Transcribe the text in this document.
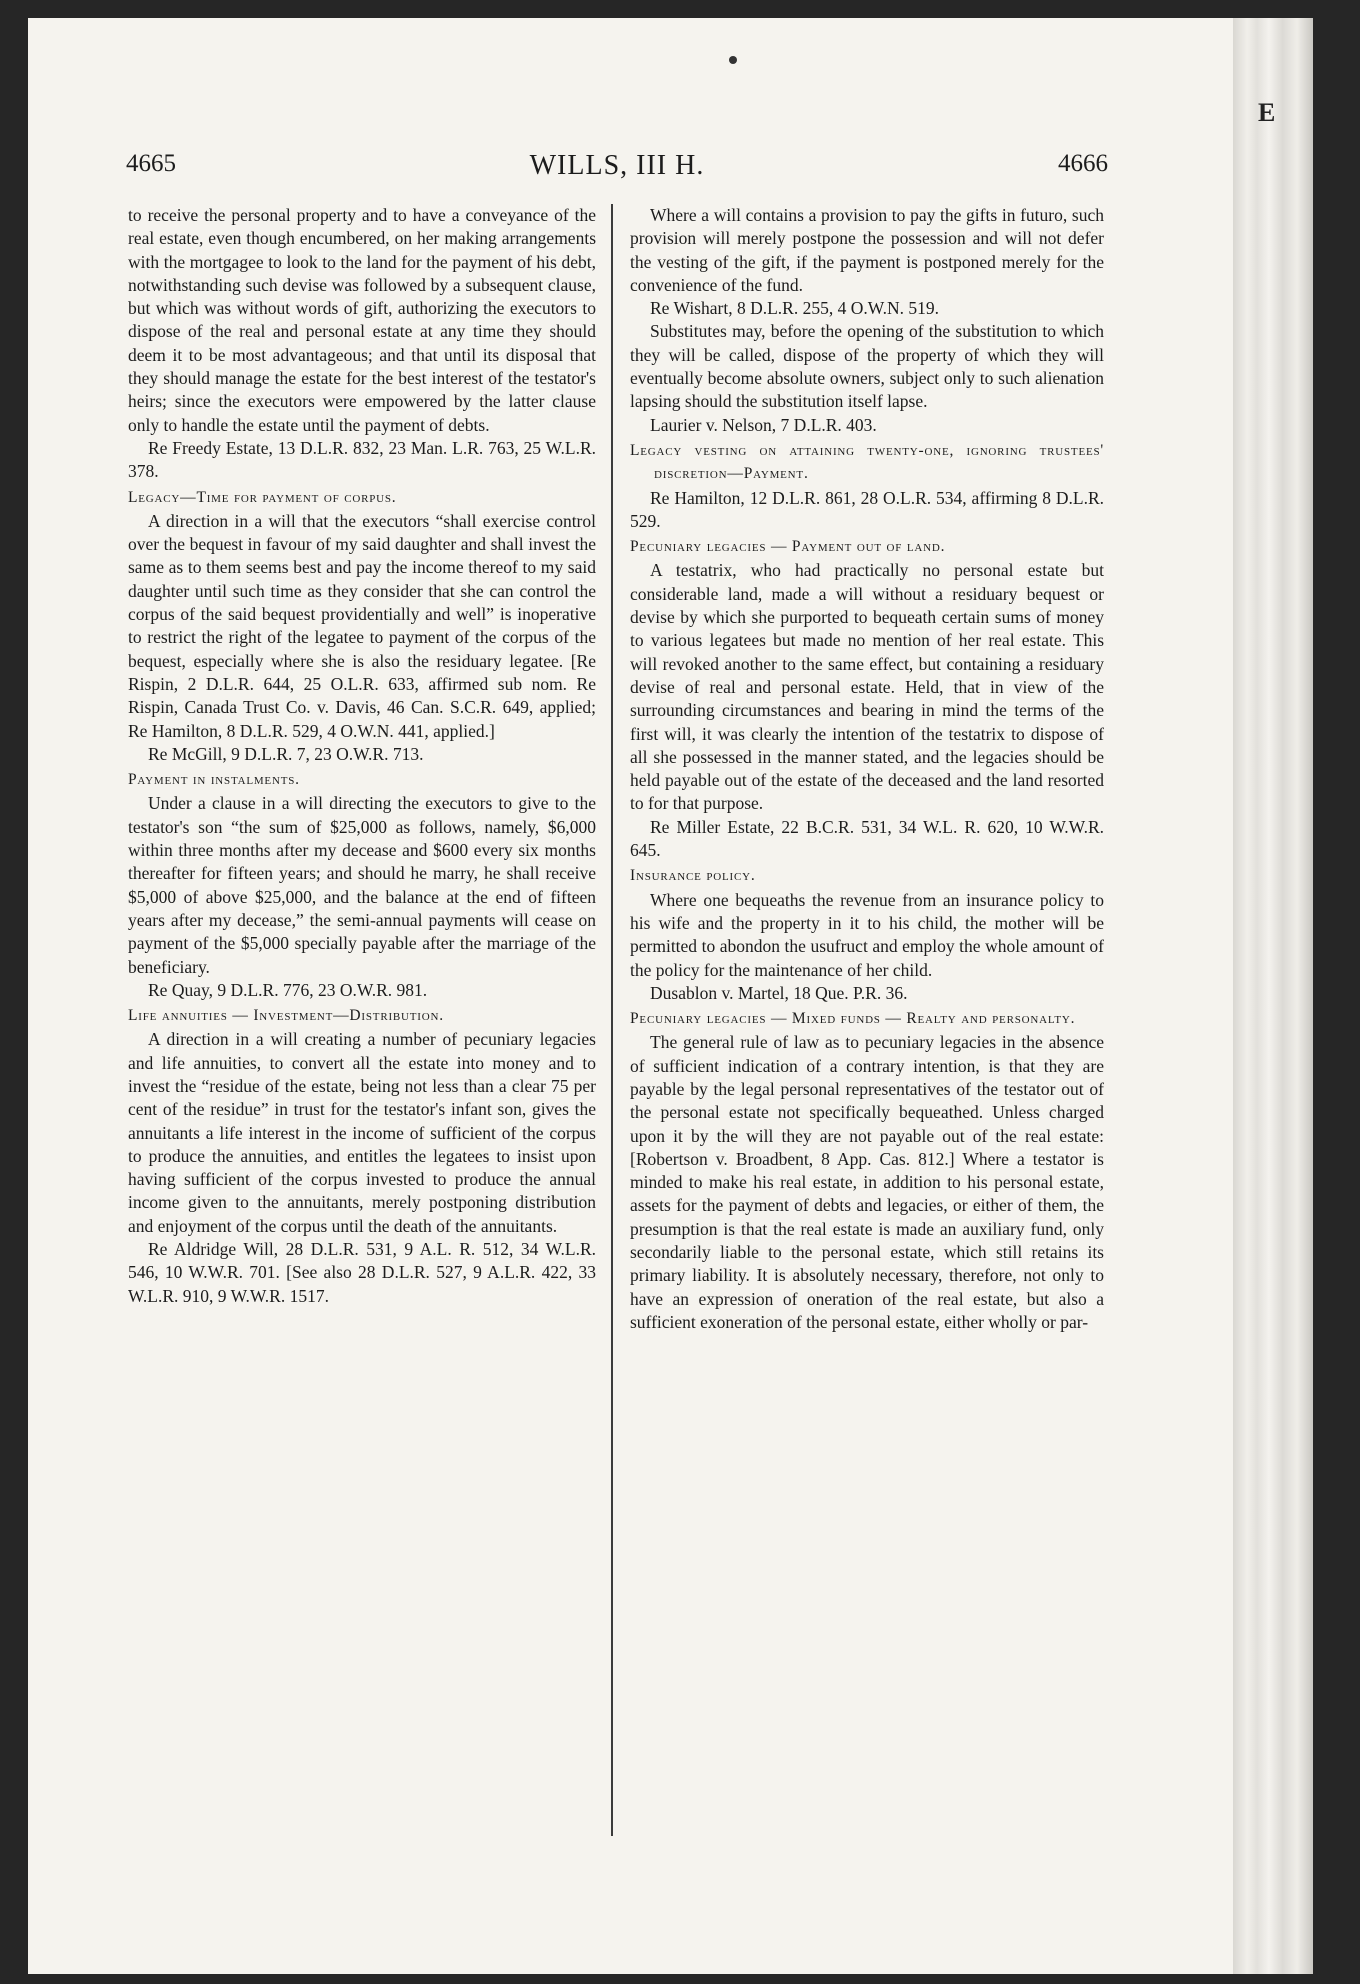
E
4665	WILLS, III H.	4666

to receive the personal property and to have a conveyance of the real estate, even though encumbered, on her making arrangements with the mortgagee to look to the land for the payment of his debt, notwithstanding such devise was followed by a subsequent clause, but which was without words of gift, authorizing the executors to dispose of the real and personal estate at any time they should deem it to be most advantageous; and that until its disposal that they should manage the estate for the best interest of the testator's heirs; since the executors were empowered by the latter clause only to handle the estate until the payment of debts.

Re Freedy Estate, 13 D.L.R. 832, 23 Man. L.R. 763, 25 W.L.R. 378.

Legacy—Time for payment of corpus.

A direction in a will that the executors “shall exercise control over the bequest in favour of my said daughter and shall invest the same as to them seems best and pay the income thereof to my said daughter until such time as they consider that she can control the corpus of the said bequest providentially and well” is inoperative to restrict the right of the legatee to payment of the corpus of the bequest, especially where she is also the residuary legatee. [Re Rispin, 2 D.L.R. 644, 25 O.L.R. 633, affirmed sub nom. Re Rispin, Canada Trust Co. v. Davis, 46 Can. S.C.R. 649, applied; Re Hamilton, 8 D.L.R. 529, 4 O.W.N. 441, applied.]

Re McGill, 9 D.L.R. 7, 23 O.W.R. 713.

Payment in instalments.

Under a clause in a will directing the executors to give to the testator's son “the sum of $25,000 as follows, namely, $6,000 within three months after my decease and $600 every six months thereafter for fifteen years; and should he marry, he shall receive $5,000 of above $25,000, and the balance at the end of fifteen years after my decease,” the semi-annual payments will cease on payment of the $5,000 specially payable after the marriage of the beneficiary.

Re Quay, 9 D.L.R. 776, 23 O.W.R. 981.

Life annuities — Investment—Distribution.

A direction in a will creating a number of pecuniary legacies and life annuities, to convert all the estate into money and to invest the “residue of the estate, being not less than a clear 75 per cent of the residue” in trust for the testator's infant son, gives the annuitants a life interest in the income of sufficient of the corpus to produce the annuities, and entitles the legatees to insist upon having sufficient of the corpus invested to produce the annual income given to the annuitants, merely postponing distribution and enjoyment of the corpus until the death of the annuitants.

Re Aldridge Will, 28 D.L.R. 531, 9 A.L. R. 512, 34 W.L.R. 546, 10 W.W.R. 701. [See also 28 D.L.R. 527, 9 A.L.R. 422, 33 W.L.R. 910, 9 W.W.R. 1517.

Where a will contains a provision to pay the gifts in futuro, such provision will merely postpone the possession and will not defer the vesting of the gift, if the payment is postponed merely for the convenience of the fund.

Re Wishart, 8 D.L.R. 255, 4 O.W.N. 519.

Substitutes may, before the opening of the substitution to which they will be called, dispose of the property of which they will eventually become absolute owners, subject only to such alienation lapsing should the substitution itself lapse.

Laurier v. Nelson, 7 D.L.R. 403.

Legacy vesting on attaining twenty-one, ignoring trustees' discretion—Payment.

Re Hamilton, 12 D.L.R. 861, 28 O.L.R. 534, affirming 8 D.L.R. 529.

Pecuniary legacies — Payment out of land.

A testatrix, who had practically no personal estate but considerable land, made a will without a residuary bequest or devise by which she purported to bequeath certain sums of money to various legatees but made no mention of her real estate. This will revoked another to the same effect, but containing a residuary devise of real and personal estate. Held, that in view of the surrounding circumstances and bearing in mind the terms of the first will, it was clearly the intention of the testatrix to dispose of all she possessed in the manner stated, and the legacies should be held payable out of the estate of the deceased and the land resorted to for that purpose.

Re Miller Estate, 22 B.C.R. 531, 34 W.L. R. 620, 10 W.W.R. 645.

Insurance policy.

Where one bequeaths the revenue from an insurance policy to his wife and the property in it to his child, the mother will be permitted to abondon the usufruct and employ the whole amount of the policy for the maintenance of her child.

Dusablon v. Martel, 18 Que. P.R. 36.

Pecuniary legacies — Mixed funds — Realty and personalty.

The general rule of law as to pecuniary legacies in the absence of sufficient indication of a contrary intention, is that they are payable by the legal personal representatives of the testator out of the personal estate not specifically bequeathed. Unless charged upon it by the will they are not payable out of the real estate: [Robertson v. Broadbent, 8 App. Cas. 812.] Where a testator is minded to make his real estate, in addition to his personal estate, assets for the payment of debts and legacies, or either of them, the presumption is that the real estate is made an auxiliary fund, only secondarily liable to the personal estate, which still retains its primary liability. It is absolutely necessary, therefore, not only to have an expression of oneration of the real estate, but also a sufficient exoneration of the personal estate, either wholly or par-
